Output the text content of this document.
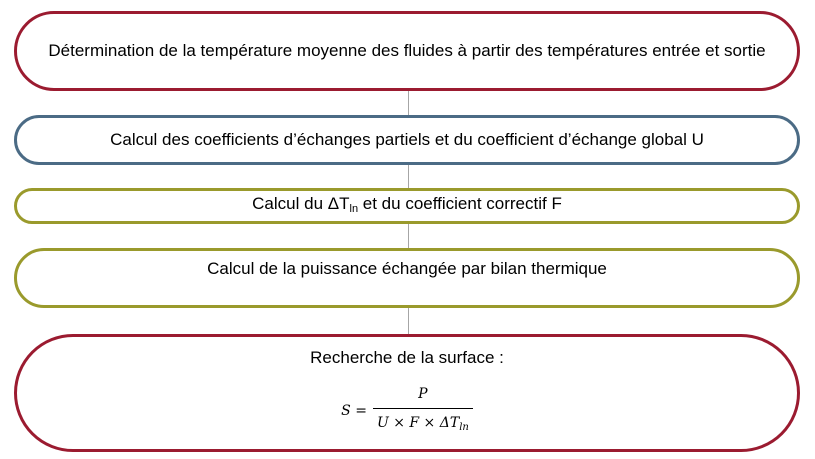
Détermination de la température moyenne des fluides à partir des températures entrée et sortie
Calcul des coefficients d’échanges partiels et du coefficient d’échange global U
Calcul du $\Delta T_{ln}$ et du coefficient correctif F
Calcul de la puissance échangée par bilan thermique
Recherche de la surface :
$S = \frac{P}{U \times F \times \Delta T_{ln}}$
